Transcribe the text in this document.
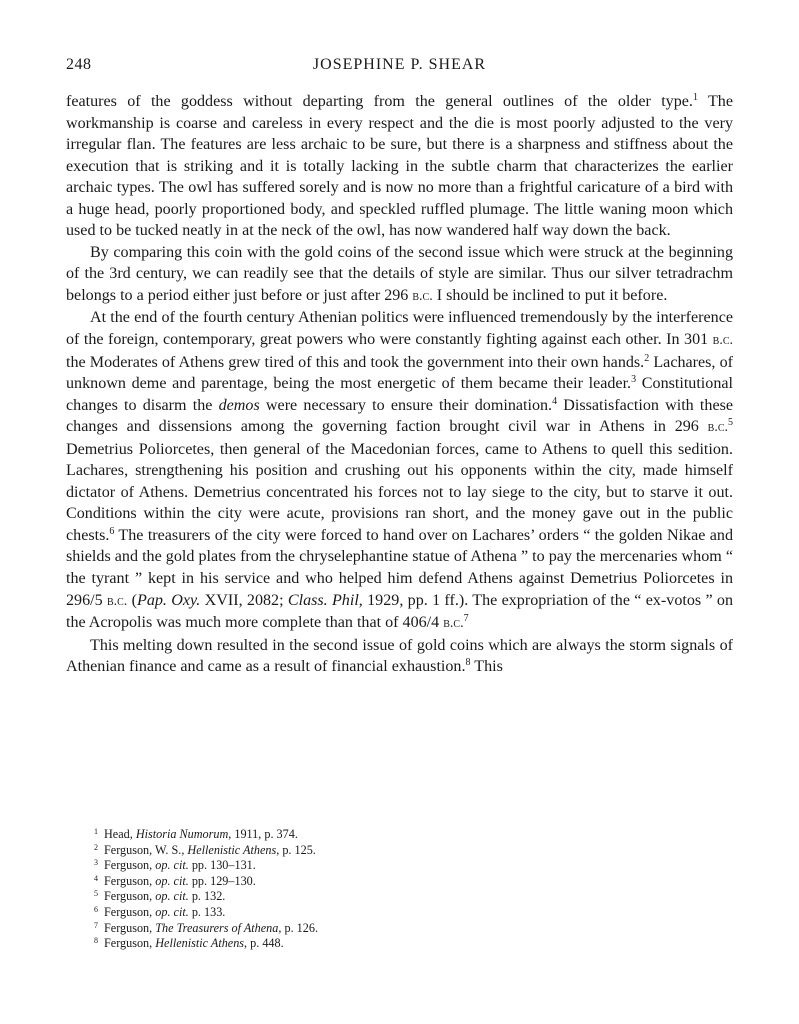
248	JOSEPHINE P. SHEAR

features of the goddess without departing from the general outlines of the older type.$^1$ The workmanship is coarse and careless in every respect and the die is most poorly adjusted to the very irregular flan. The features are less archaic to be sure, but there is a sharpness and stiffness about the execution that is striking and it is totally lacking in the subtle charm that characterizes the earlier archaic types. The owl has suffered sorely and is now no more than a frightful caricature of a bird with a huge head, poorly proportioned body, and speckled ruffled plumage. The little waning moon which used to be tucked neatly in at the neck of the owl, has now wandered half way down the back.

By comparing this coin with the gold coins of the second issue which were struck at the beginning of the 3rd century, we can readily see that the details of style are similar. Thus our silver tetradrachm belongs to a period either just before or just after 296 b.c. I should be inclined to put it before.

At the end of the fourth century Athenian politics were influenced tremendously by the interference of the foreign, contemporary, great powers who were constantly fighting against each other. In 301 b.c. the Moderates of Athens grew tired of this and took the government into their own hands.$^2$ Lachares, of unknown deme and parentage, being the most energetic of them became their leader.$^3$ Constitutional changes to disarm the demos were necessary to ensure their domination.$^4$ Dissatisfaction with these changes and dissensions among the governing faction brought civil war in Athens in 296 b.c.$^5$ Demetrius Poliorcetes, then general of the Macedonian forces, came to Athens to quell this sedition. Lachares, strengthening his position and crushing out his opponents within the city, made himself dictator of Athens. Demetrius concentrated his forces not to lay siege to the city, but to starve it out. Conditions within the city were acute, provisions ran short, and the money gave out in the public chests.$^6$ The treasurers of the city were forced to hand over on Lachares’ orders “ the golden Nikae and shields and the gold plates from the chryselephantine statue of Athena ” to pay the mercenaries whom “ the tyrant ” kept in his service and who helped him defend Athens against Demetrius Poliorcetes in 296/5 b.c. (Pap. Oxy. XVII, 2082; Class. Phil, 1929, pp. 1 ff.). The expropriation of the “ ex-votos ” on the Acropolis was much more complete than that of 406/4 b.c.$^7$

This melting down resulted in the second issue of gold coins which are always the storm signals of Athenian finance and came as a result of financial exhaustion.$^8$ This

$^1$ Head, Historia Numorum, 1911, p. 374.
$^2$ Ferguson, W. S., Hellenistic Athens, p. 125.
$^3$ Ferguson, op. cit. pp. 130–131.
$^4$ Ferguson, op. cit. pp. 129–130.
$^5$ Ferguson, op. cit. p. 132.
$^6$ Ferguson, op. cit. p. 133.
$^7$ Ferguson, The Treasurers of Athena, p. 126.
$^8$ Ferguson, Hellenistic Athens, p. 448.
